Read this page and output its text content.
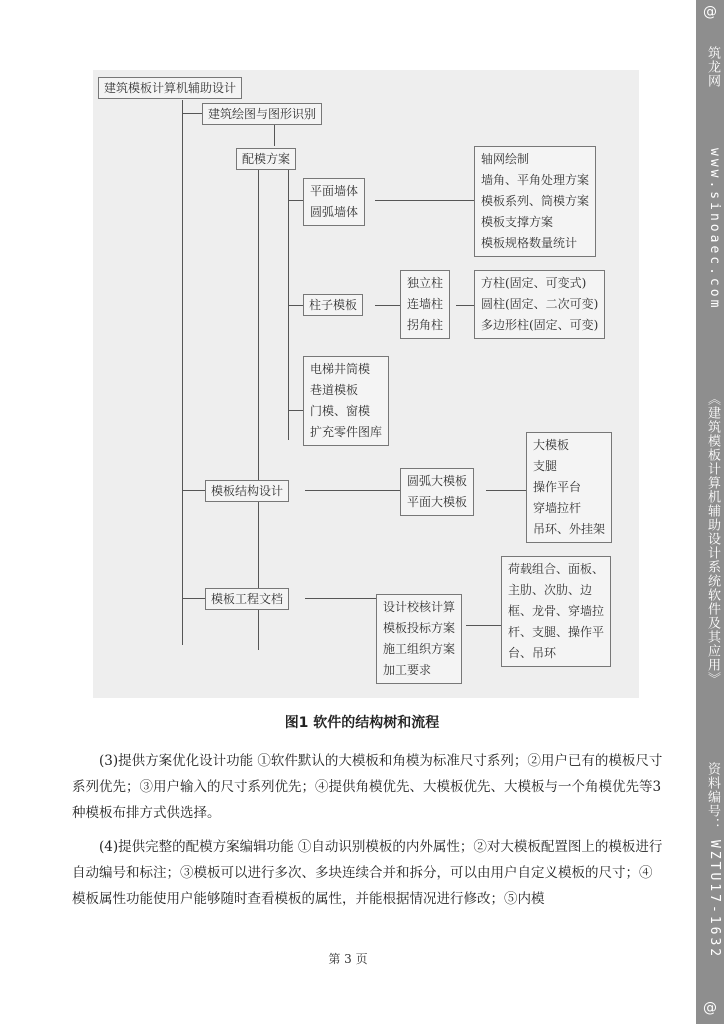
建筑模板计算机辅助设计
建筑绘图与图形识别
配模方案
平面墙体
圆弧墙体
轴网绘制
墙角、平角处理方案
模板系列、筒模方案
模板支撑方案
模板规格数量统计
柱子模板
独立柱
连墙柱
拐角柱
方柱(固定、可变式)
圆柱(固定、二次可变)
多边形柱(固定、可变)
电梯井筒模
巷道模板
门模、窗模
扩充零件图库
模板结构设计
圆弧大模板
平面大模板
大模板
支腿
操作平台
穿墙拉杆
吊环、外挂架
模板工程文档
设计校核计算
模板投标方案
施工组织方案
加工要求
荷载组合、面板、
主肋、次肋、边
框、龙骨、穿墙拉
杆、支腿、操作平
台、吊环
图1 软件的结构树和流程
(3)提供方案优化设计功能 ①软件默认的大模板和角模为标准尺寸系列；②用户已有的模板尺寸系列优先；③用户输入的尺寸系列优先；④提供角模优先、大模板优先、大模板与一个角模优先等3种模板布排方式供选择。
(4)提供完整的配模方案编辑功能 ①自动识别模板的内外属性；②对大模板配置图上的模板进行自动编号和标注；③模板可以进行多次、多块连续合并和拆分，可以由用户自定义模板的尺寸；④模板属性功能使用户能够随时查看模板的属性，并能根据情况进行修改；⑤内模
第 3 页
@
筑龙网
www.sinoaec.com
《建筑模板计算机辅助设计系统软件及其应用》
资料编号：
WZTU17-1632
@
